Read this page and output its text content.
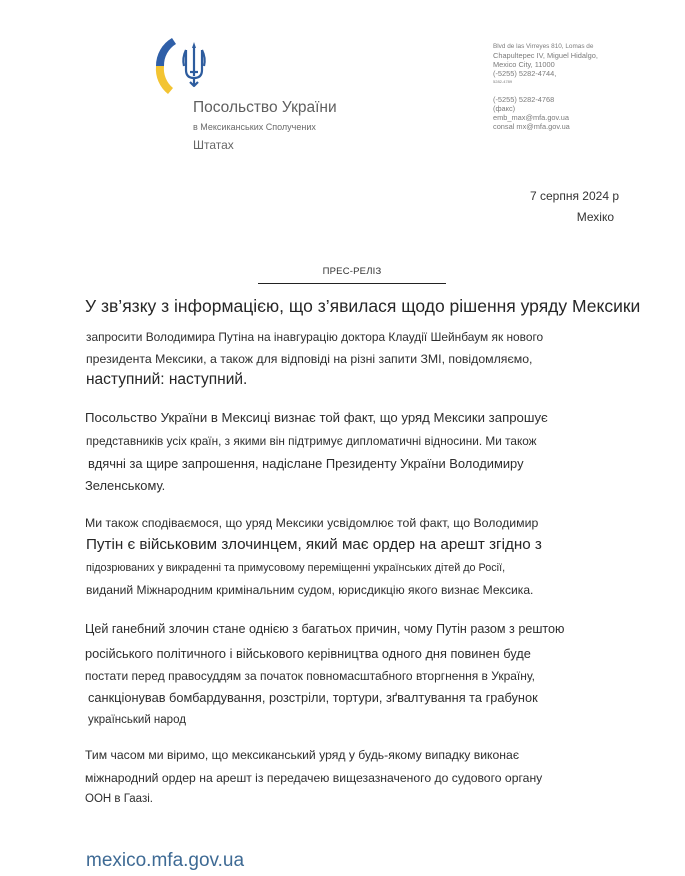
Посольство України
в Мексиканських Сполучених
Штатах
Blvd de las Virreyes 810, Lomas de
Chapultepec IV, Miguel Hidalgo,
Mexico City, 11000
(-5255) 5282-4744,
5282-4789
(-5255) 5282-4768
(факс)
emb_max@mfa.gov.ua
consal mx@mfa.gov.ua
7 серпня 2024 р
Мехіко
ПРЕС-РЕЛІЗ
У зв’язку з інформацією, що з’явилася щодо рішення уряду Мексики
запросити Володимира Путіна на інавгурацію доктора Клаудії Шейнбаум як нового
президента Мексики, а також для відповіді на різні запити ЗМІ, повідомляємо,
наступний: наступний.
Посольство України в Мексиці визнає той факт, що уряд Мексики запрошує
представників усіх країн, з якими він підтримує дипломатичні відносини. Ми також
вдячні за щире запрошення, надіслане Президенту України Володимиру
Зеленському.
Ми також сподіваємося, що уряд Мексики усвідомлює той факт, що Володимир
Путін є військовим злочинцем, який має ордер на арешт згідно з
підозрюваних у викраденні та примусовому переміщенні українських дітей до Росії,
виданий Міжнародним кримінальним судом, юрисдикцію якого визнає Мексика.
Цей ганебний злочин стане однією з багатьох причин, чому Путін разом з рештою
російського політичного і військового керівництва одного дня повинен буде
постати перед правосуддям за початок повномасштабного вторгнення в Україну,
санкціонував бомбардування, розстріли, тортури, зґвалтування та грабунок
український народ
Тим часом ми віримо, що мексиканський уряд у будь-якому випадку виконає
міжнародний ордер на арешт із передачею вищезазначеного до судового органу
ООН в Гаазі.
mexico.mfa.gov.ua
